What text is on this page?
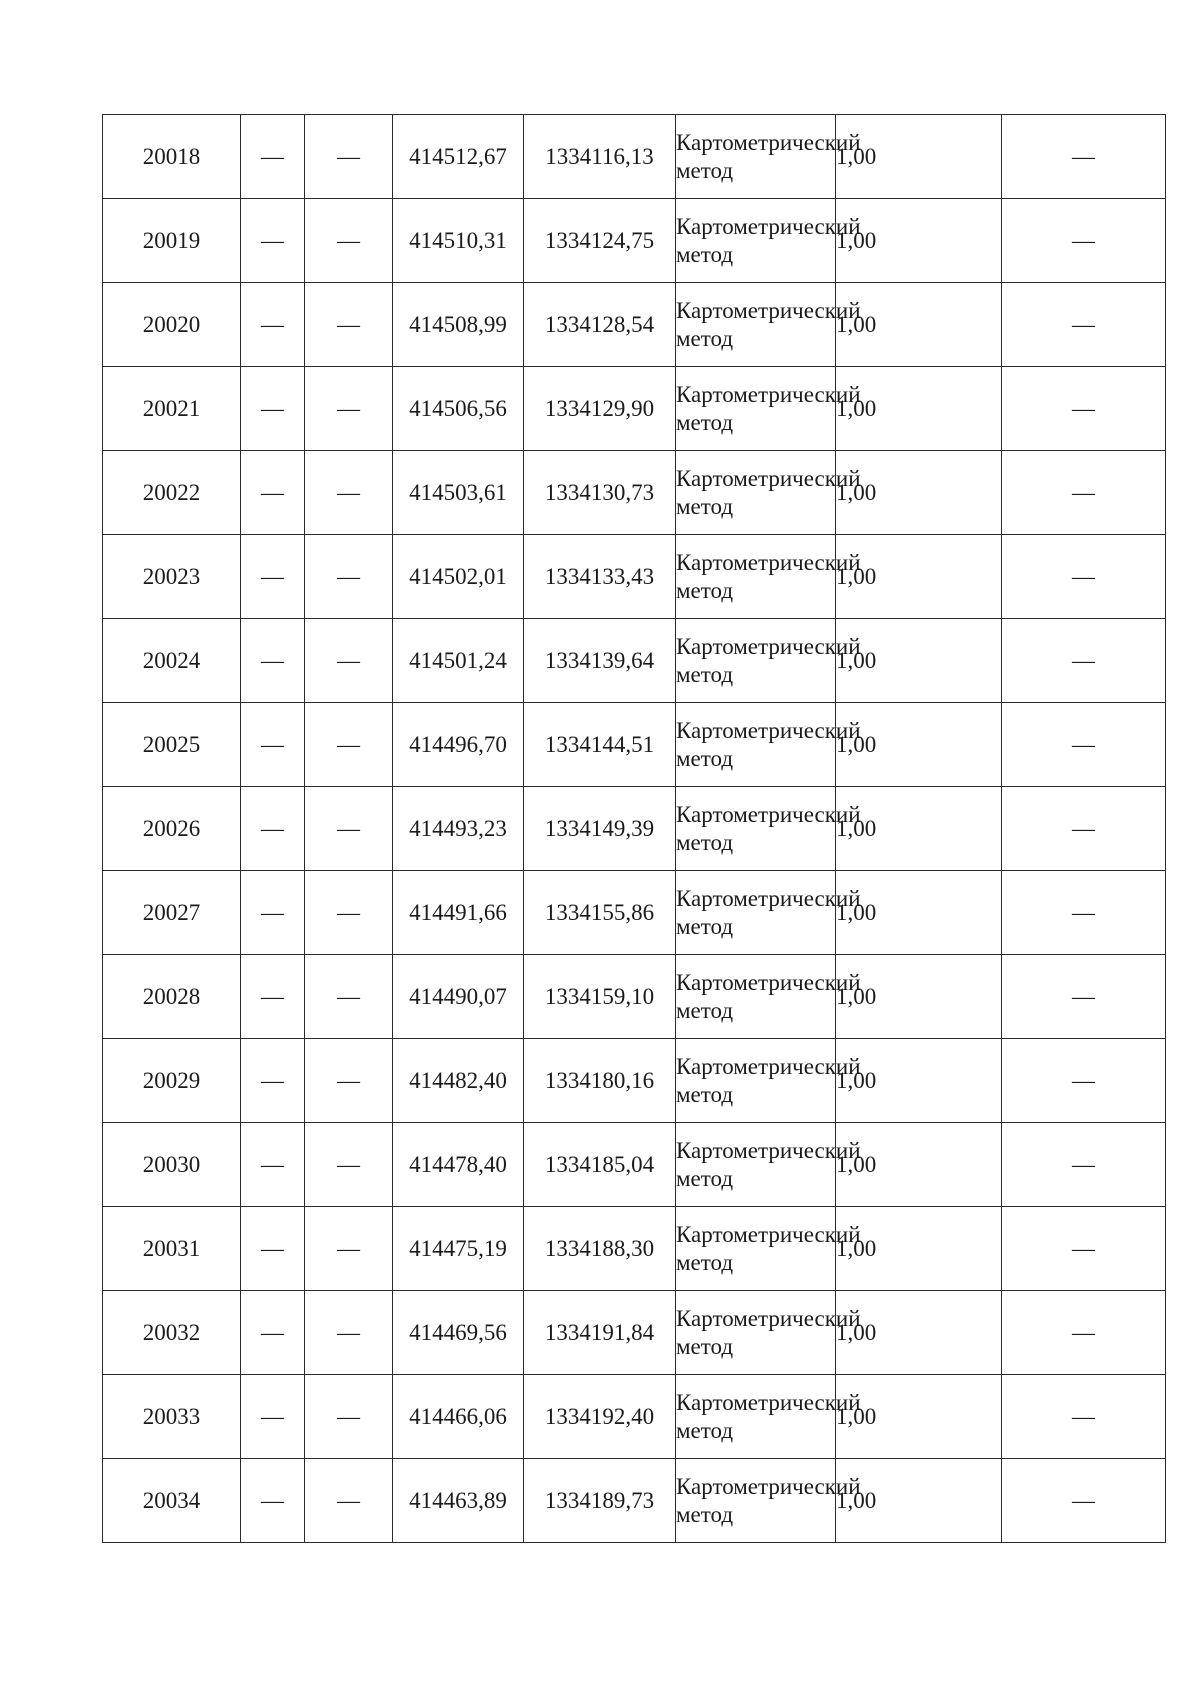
20018	—	—	414512,67	1334116,13	Картометрический метод	1,00	—
20019	—	—	414510,31	1334124,75	Картометрический метод	1,00	—
20020	—	—	414508,99	1334128,54	Картометрический метод	1,00	—
20021	—	—	414506,56	1334129,90	Картометрический метод	1,00	—
20022	—	—	414503,61	1334130,73	Картометрический метод	1,00	—
20023	—	—	414502,01	1334133,43	Картометрический метод	1,00	—
20024	—	—	414501,24	1334139,64	Картометрический метод	1,00	—
20025	—	—	414496,70	1334144,51	Картометрический метод	1,00	—
20026	—	—	414493,23	1334149,39	Картометрический метод	1,00	—
20027	—	—	414491,66	1334155,86	Картометрический метод	1,00	—
20028	—	—	414490,07	1334159,10	Картометрический метод	1,00	—
20029	—	—	414482,40	1334180,16	Картометрический метод	1,00	—
20030	—	—	414478,40	1334185,04	Картометрический метод	1,00	—
20031	—	—	414475,19	1334188,30	Картометрический метод	1,00	—
20032	—	—	414469,56	1334191,84	Картометрический метод	1,00	—
20033	—	—	414466,06	1334192,40	Картометрический метод	1,00	—
20034	—	—	414463,89	1334189,73	Картометрический метод	1,00	—
